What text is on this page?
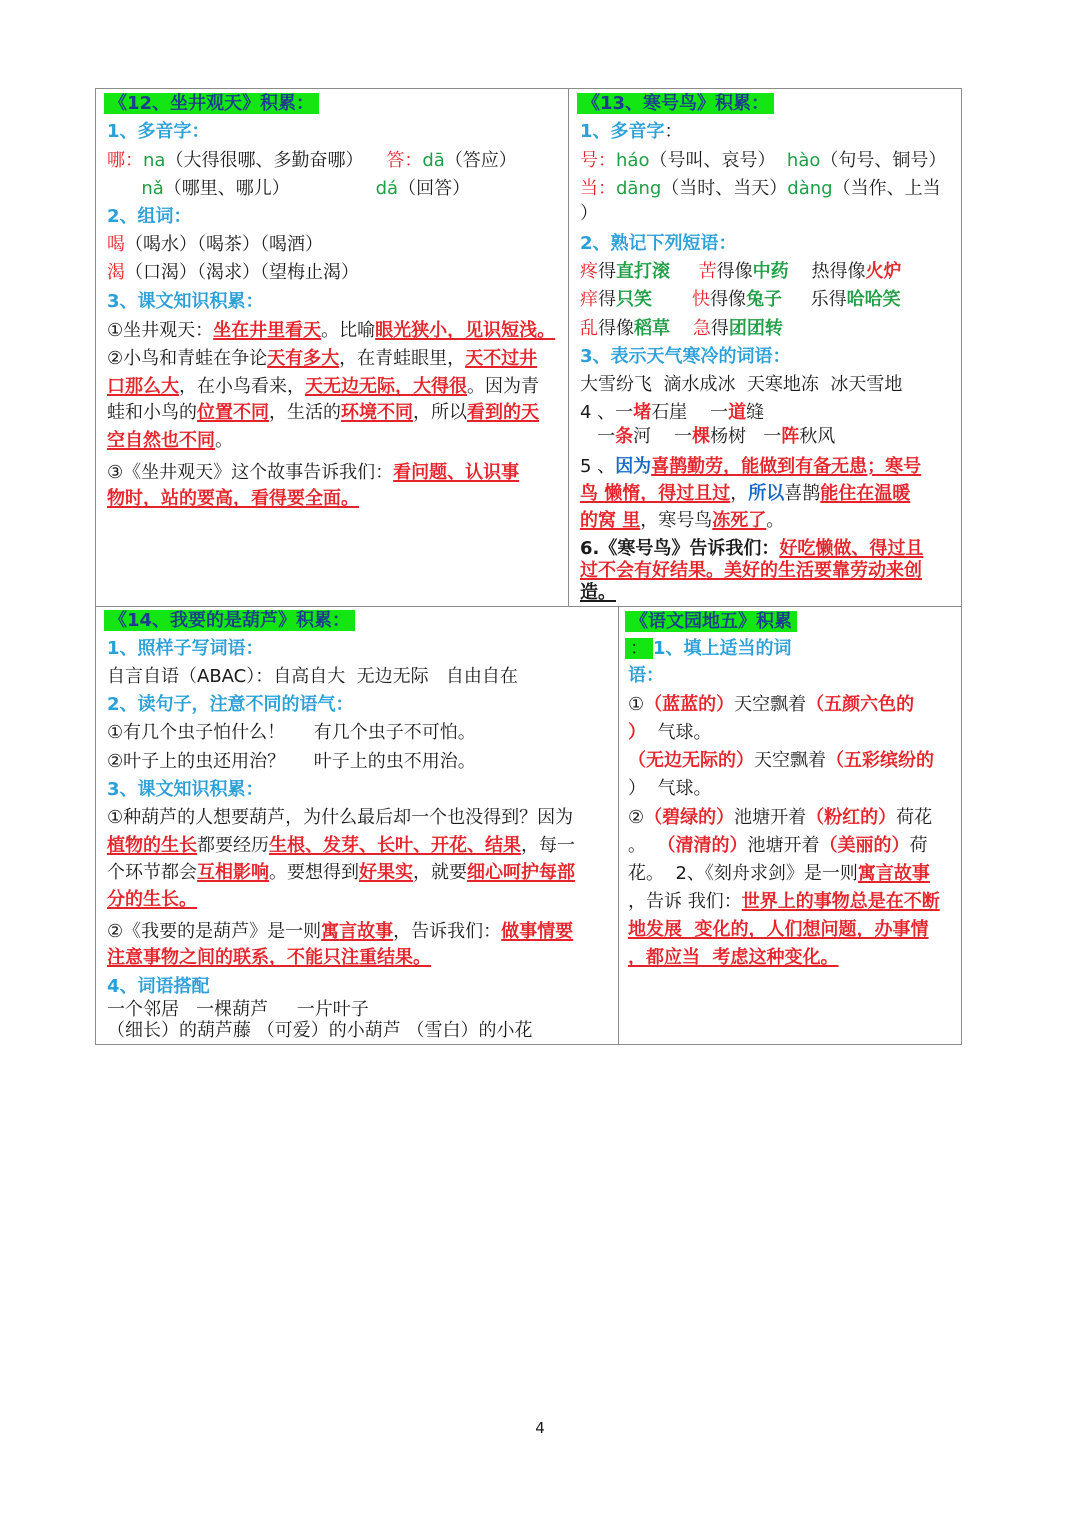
《12、坐井观天》积累：
1、多音字：
哪：na（大得很哪、多勤奋哪）    答：dā（答应）
nǎ（哪里、哪儿）               dá（回答）
2、组词：
喝（喝水）（喝茶）（喝酒）
渴（口渴）（渴求）（望梅止渴）
3、课文知识积累：
①坐井观天：坐在井里看天。比喻眼光狭小，见识短浅。
②小鸟和青蛙在争论天有多大，在青蛙眼里，天不过井
口那么大，在小鸟看来，天无边无际，大得很。因为青
蛙和小鸟的位置不同，生活的环境不同，所以看到的天
空自然也不同。
③《坐井观天》这个故事告诉我们：看问题、认识事
物时，站的要高，看得要全面。
《13、寒号鸟》积累：
1、多音字：
号：háo（号叫、哀号）  hào（句号、铜号）
当：dāng（当时、当天）dàng（当作、上当
）
2、熟记下列短语：
疼得直打滚     苦得像中药    热得像火炉
痒得只笑       快得像兔子     乐得哈哈笑
乱得像稻草    急得团团转
3、表示天气寒冷的词语：
大雪纷飞  滴水成冰  天寒地冻  冰天雪地
4 、一堵石崖    一道缝
一条河    一棵杨树   一阵秋风
5 、因为喜鹊勤劳，能做到有备无患；寒号
鸟 懒惰，得过且过，所以喜鹊能住在温暖
的窝 里，寒号鸟冻死了。
6.《寒号鸟》告诉我们：好吃懒做、得过且
过不会有好结果。美好的生活要靠劳动来创
造。
《14、我要的是葫芦》积累：
1、照样子写词语：
自言自语（ABAC）：自高自大  无边无际   自由自在
2、读句子，注意不同的语气：
①有几个虫子怕什么！     有几个虫子不可怕。
②叶子上的虫还用治？     叶子上的虫不用治。
3、课文知识积累：
①种葫芦的人想要葫芦，为什么最后却一个也没得到？因为
植物的生长都要经历生根、发芽、长叶、开花、结果，每一
个环节都会互相影响。要想得到好果实，就要细心呵护每部
分的生长。
②《我要的是葫芦》是一则寓言故事，告诉我们：做事情要
注意事物之间的联系，不能只注重结果。
4、词语搭配
一个邻居   一棵葫芦     一片叶子
（细长）的葫芦藤 （可爱）的小葫芦 （雪白）的小花
《语文园地五》积累
： 1、填上适当的词
语：
①（蓝蓝的）天空飘着（五颜六色的
）  气球。
（无边无际的）天空飘着（五彩缤纷的
）  气球。
②（碧绿的）池塘开着（粉红的）荷花
。  （清清的）池塘开着（美丽的）荷
花。  2、《刻舟求剑》是一则寓言故事
，告诉 我们：世界上的事物总是在不断
地发展  变化的，人们想问题，办事情
，都应当  考虑这种变化。
4
